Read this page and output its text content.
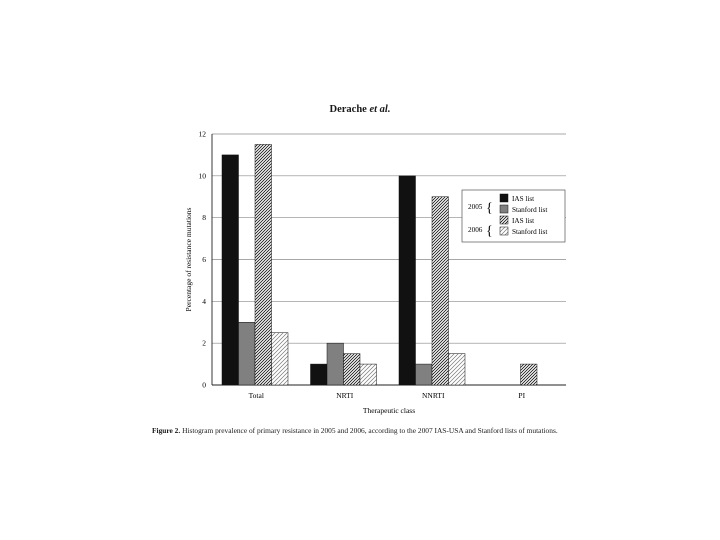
Derache et al.
0
2
4
6
8
10
12
Total	NRTI	NNRTI	PI
Therapeutic class
Percentage of resistance mutations
2005 {
2006 {
IAS list
Stanford list
IAS list
Stanford list
Figure 2. Histogram prevalence of primary resistance in 2005 and 2006, according to the 2007 IAS-USA and Stanford lists of mutations.
